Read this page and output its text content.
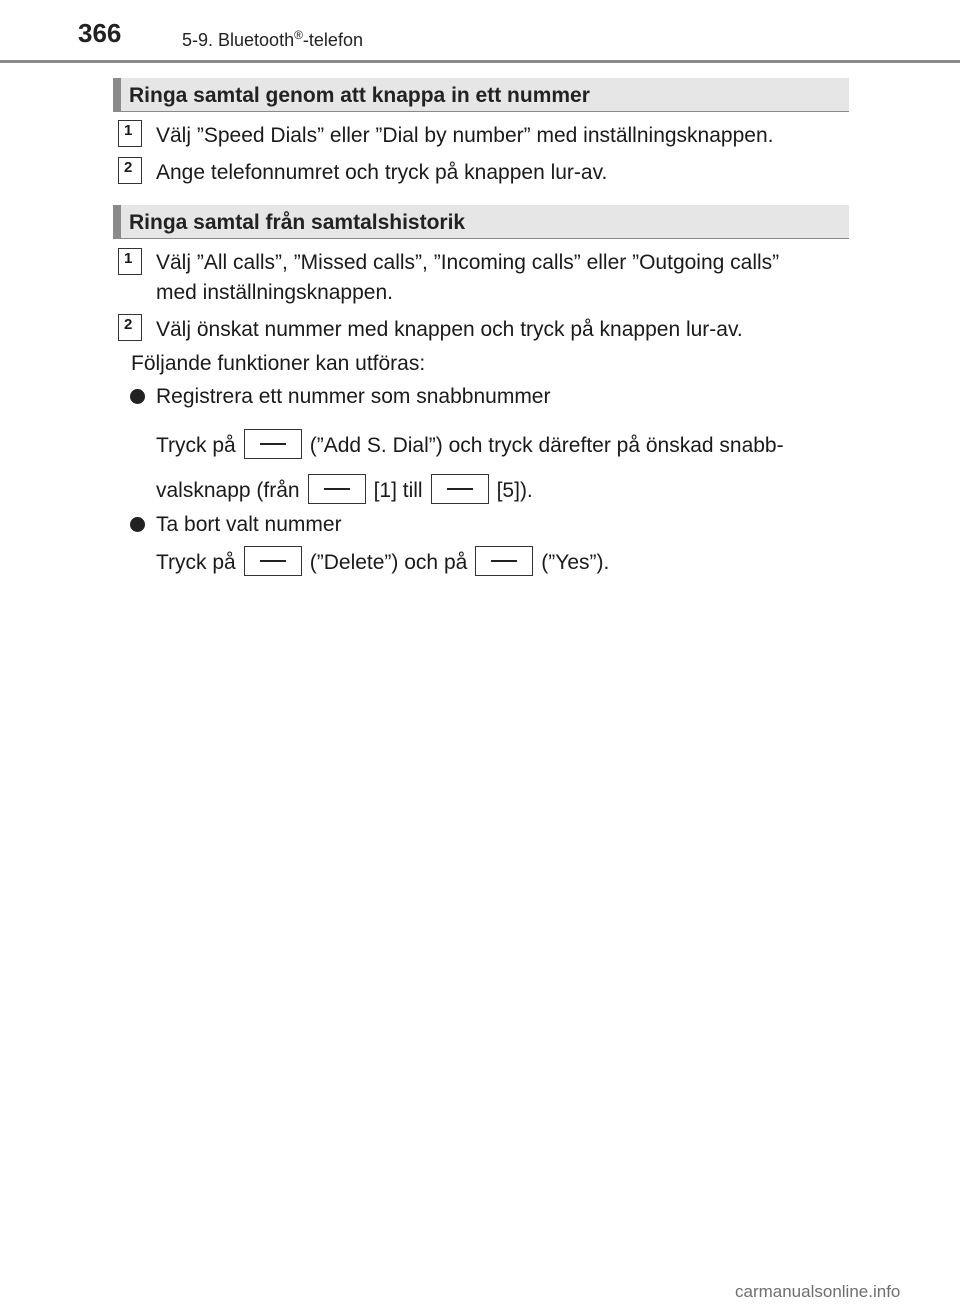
366	5-9. Bluetooth®-telefon
Ringa samtal genom att knappa in ett nummer
1	Välj ”Speed Dials” eller ”Dial by number” med inställningsknappen.
2	Ange telefonnumret och tryck på knappen lur-av.
Ringa samtal från samtalshistorik
1	Välj ”All calls”, ”Missed calls”, ”Incoming calls” eller ”Outgoing calls”
med inställningsknappen.
2	Välj önskat nummer med knappen och tryck på knappen lur-av.
Följande funktioner kan utföras:
Registrera ett nummer som snabbnummer
Tryck på	(”Add S. Dial”) och tryck därefter på önskad snabb-
valsknapp (från	[1] till	[5]).
Ta bort valt nummer
Tryck på	(”Delete”) och på	(”Yes”).
carmanualsonline.info
